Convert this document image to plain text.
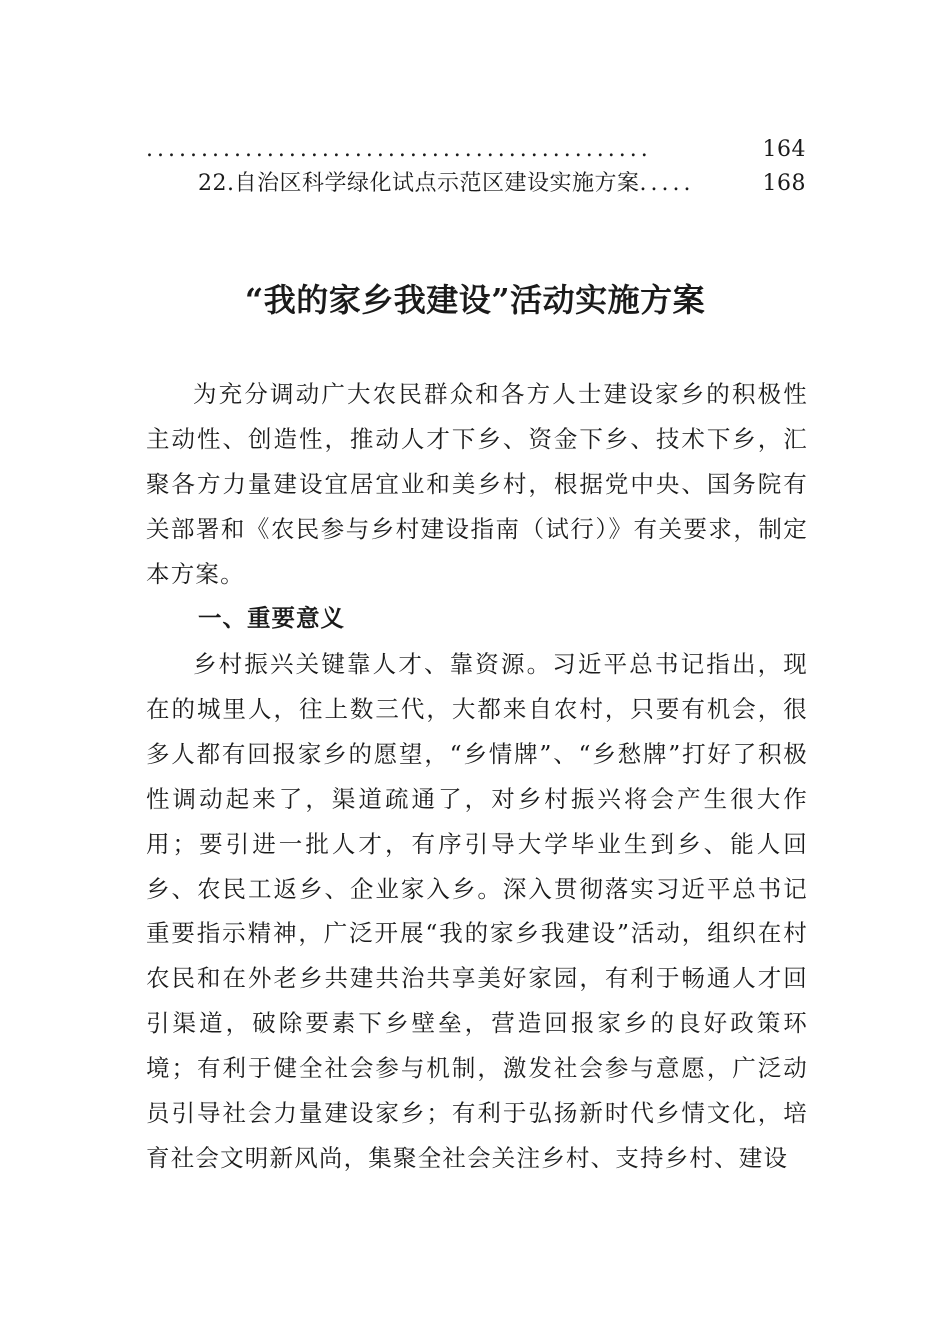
..............................................	164
22.自治区科学绿化试点示范区建设实施方案 .....	168
“我的家乡我建设”活动实施方案

为充分调动广大农民群众和各方人士建设家乡的积极性主动性、创造性，推动人才下乡、资金下乡、技术下乡，汇聚各方力量建设宜居宜业和美乡村，根据党中央、国务院有关部署和《农民参与乡村建设指南（试行）》有关要求，制定本方案。

一、重要意义

乡村振兴关键靠人才、靠资源。习近平总书记指出，现在的城里人，往上数三代，大都来自农村，只要有机会，很多人都有回报家乡的愿望，“乡情牌”、“乡愁牌”打好了积极性调动起来了，渠道疏通了，对乡村振兴将会产生很大作用；要引进一批人才，有序引导大学毕业生到乡、能人回乡、农民工返乡、企业家入乡。深入贯彻落实习近平总书记重要指示精神，广泛开展“我的家乡我建设”活动，组织在村农民和在外老乡共建共治共享美好家园，有利于畅通人才回引渠道，破除要素下乡壁垒，营造回报家乡的良好政策环境；有利于健全社会参与机制，激发社会参与意愿，广泛动员引导社会力量建设家乡；有利于弘扬新时代乡情文化，培育社会文明新风尚，集聚全社会关注乡村、支持乡村、建设
